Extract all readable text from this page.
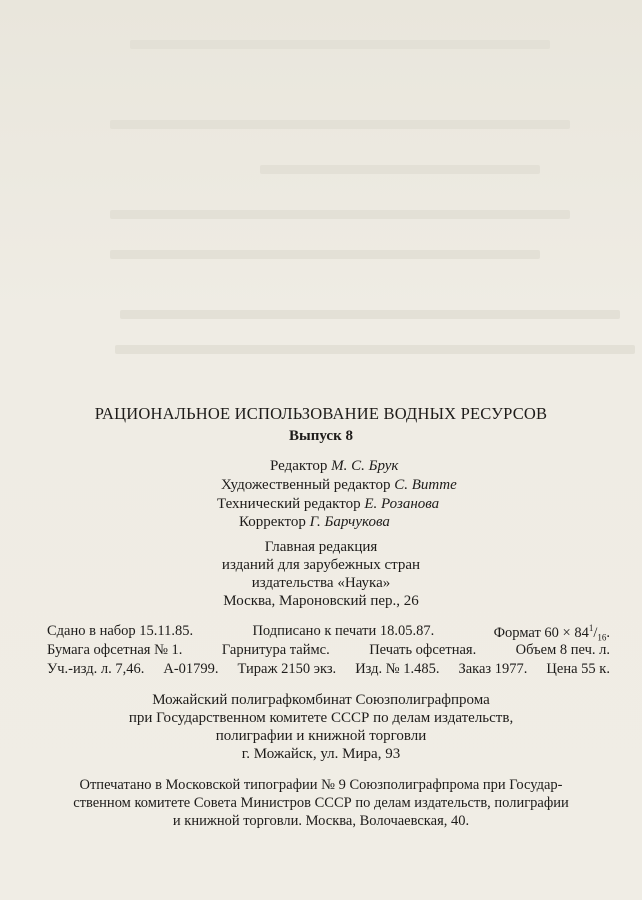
РАЦИОНАЛЬНОЕ ИСПОЛЬЗОВАНИЕ ВОДНЫХ РЕСУРСОВ
Выпуск 8
Редактор М. С. Брук
Художественный редактор С. Витте
Технический редактор Е. Розанова
Корректор Г. Барчукова
Главная редакция
изданий для зарубежных стран
издательства «Наука»
Москва, Мароновский пер., 26
Сдано в набор 15.11.85.	Подписано к печати 18.05.87.	Формат $60 \times 84^1/_{16}$.
Бумага офсетная № 1.	Гарнитура таймс.	Печать офсетная.	Объем 8 печ. л.
Уч.-изд. л. 7,46. А-01799. Тираж 2150 экз. Изд. № 1.485. Заказ 1977. Цена 55 к.
Можайский полиграфкомбинат Союзполиграфпрома
при Государственном комитете СССР по делам издательств,
полиграфии и книжной торговли
г. Можайск, ул. Мира, 93
Отпечатано в Московской типографии № 9 Союзполиграфпрома при Государ-
ственном комитете Совета Министров СССР по делам издательств, полиграфии
и книжной торговли. Москва, Волочаевская, 40.
